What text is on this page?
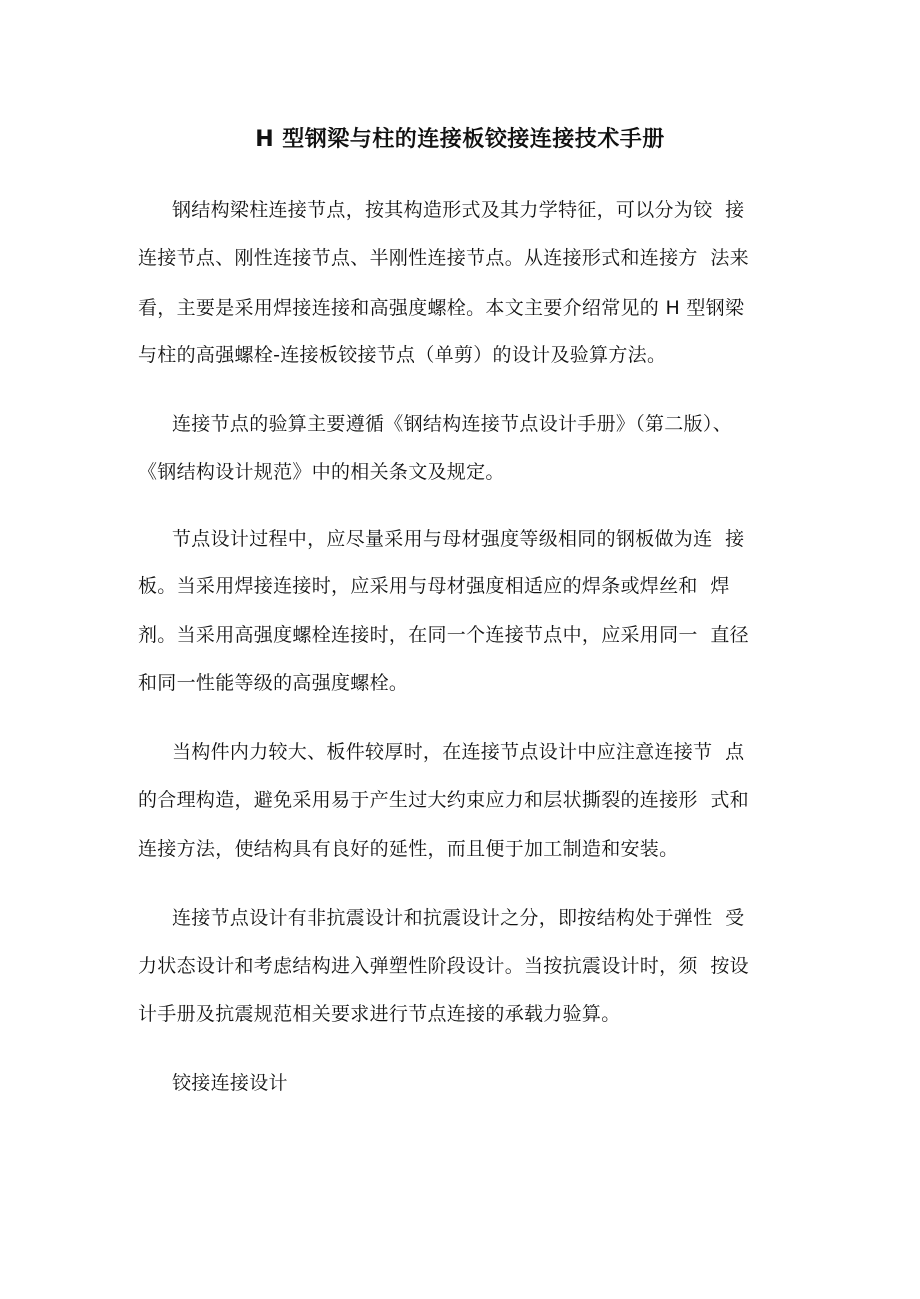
H 型钢梁与柱的连接板铰接连接技术手册
钢结构梁柱连接节点，按其构造形式及其力学特征，可以分为铰  接
连接节点、刚性连接节点、半刚性连接节点。从连接形式和连接方  法来
看，主要是采用焊接连接和高强度螺栓。本文主要介绍常见的 H 型钢梁
与柱的高强螺栓-连接板铰接节点（单剪）的设计及验算方法。
连接节点的验算主要遵循《钢结构连接节点设计手册》（第二版）、
《钢结构设计规范》中的相关条文及规定。
节点设计过程中，应尽量采用与母材强度等级相同的钢板做为连  接
板。当采用焊接连接时，应采用与母材强度相适应的焊条或焊丝和  焊
剂。当采用高强度螺栓连接时，在同一个连接节点中，应采用同一  直径
和同一性能等级的高强度螺栓。
当构件内力较大、板件较厚时，在连接节点设计中应注意连接节  点
的合理构造，避免采用易于产生过大约束应力和层状撕裂的连接形  式和
连接方法，使结构具有良好的延性，而且便于加工制造和安装。
连接节点设计有非抗震设计和抗震设计之分，即按结构处于弹性  受
力状态设计和考虑结构进入弹塑性阶段设计。当按抗震设计时，须  按设
计手册及抗震规范相关要求进行节点连接的承载力验算。
铰接连接设计
